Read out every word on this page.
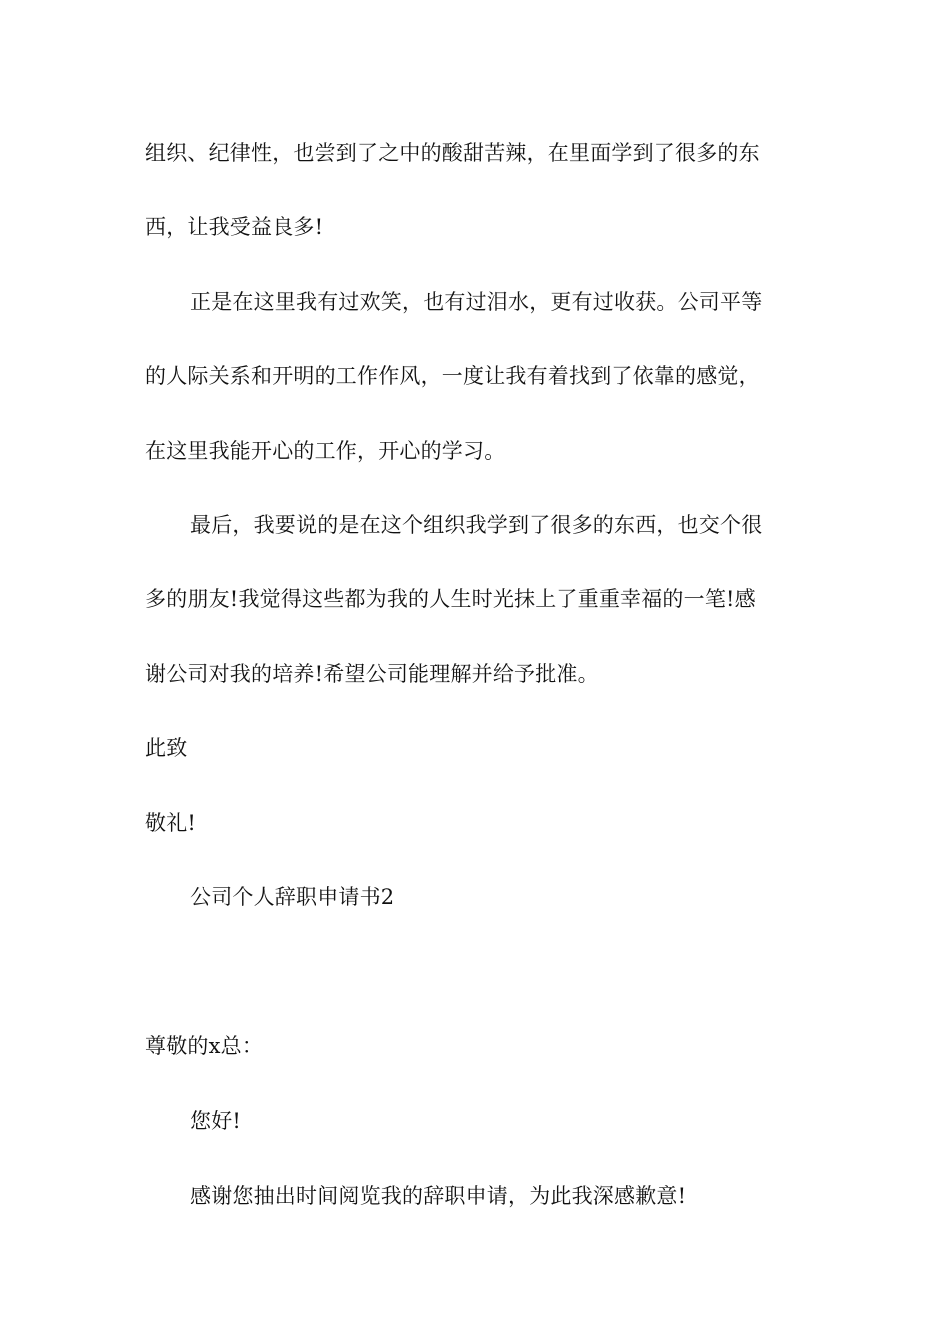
组织、纪律性，也尝到了之中的酸甜苦辣，在里面学到了很多的东
西，让我受益良多!
正是在这里我有过欢笑，也有过泪水，更有过收获。公司平等
的人际关系和开明的工作作风，一度让我有着找到了依靠的感觉，
在这里我能开心的工作，开心的学习。
最后，我要说的是在这个组织我学到了很多的东西，也交个很
多的朋友!我觉得这些都为我的人生时光抹上了重重幸福的一笔!感
谢公司对我的培养!希望公司能理解并给予批准。
此致
敬礼!
公司个人辞职申请书2
尊敬的x总：
您好!
感谢您抽出时间阅览我的辞职申请，为此我深感歉意!
